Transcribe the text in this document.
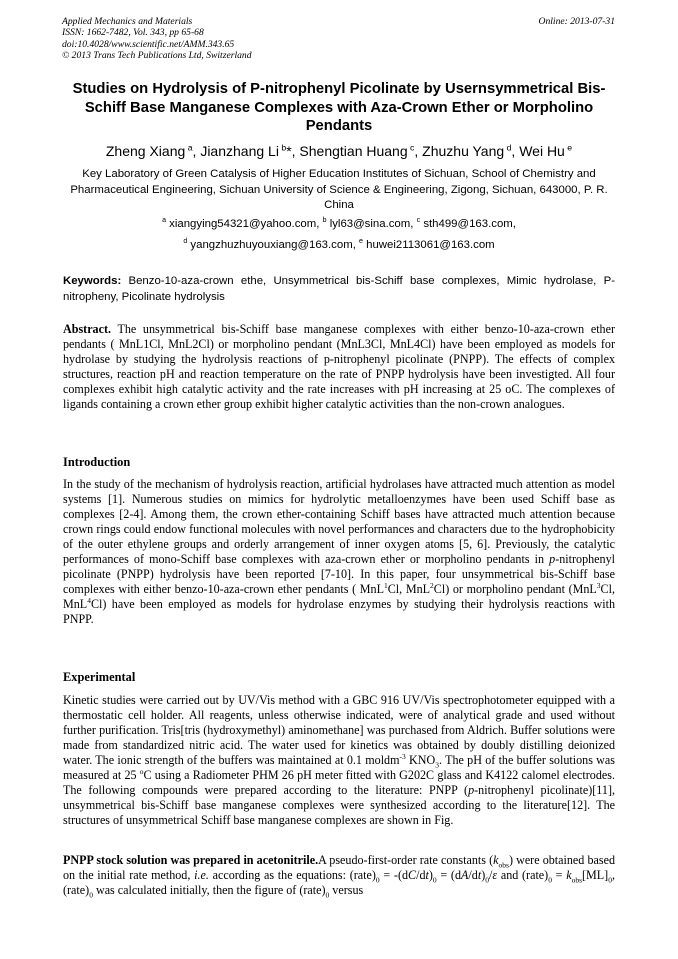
Applied Mechanics and Materials
ISSN: 1662-7482, Vol. 343, pp 65-68
doi:10.4028/www.scientific.net/AMM.343.65
© 2013 Trans Tech Publications Ltd, Switzerland
Online: 2013-07-31
Studies on Hydrolysis of P-nitrophenyl Picolinate by Usernsymmetrical Bis-Schiff Base Manganese Complexes with Aza-Crown Ether or Morpholino Pendants
Zheng Xiang $^a$, Jianzhang Li $^b$*, Shengtian Huang $^c$, Zhuzhu Yang $^d$, Wei Hu $^e$
Key Laboratory of Green Catalysis of Higher Education Institutes of Sichuan, School of Chemistry and Pharmaceutical Engineering, Sichuan University of Science & Engineering, Zigong, Sichuan, 643000, P. R. China
$^a$ xiangying54321@yahoo.com, $^b$ lyl63@sina.com, $^c$ sth499@163.com,
$^d$ yangzhuzhuyouxiang@163.com, $^e$ huwei2113061@163.com
Keywords: Benzo-10-aza-crown ethe, Unsymmetrical bis-Schiff base complexes, Mimic hydrolase, P-nitropheny, Picolinate hydrolysis
Abstract. The unsymmetrical bis-Schiff base manganese complexes with either benzo-10-aza-crown ether pendants ( MnL1Cl, MnL2Cl) or morpholino pendant (MnL3Cl, MnL4Cl) have been employed as models for hydrolase by studying the hydrolysis reactions of p-nitrophenyl picolinate (PNPP). The effects of complex structures, reaction pH and reaction temperature on the rate of PNPP hydrolysis have been investigted. All four complexes exhibit high catalytic activity and the rate increases with pH increasing at 25 oC. The complexes of ligands containing a crown ether group exhibit higher catalytic activities than the non-crown analogues.
Introduction
In the study of the mechanism of hydrolysis reaction, artificial hydrolases have attracted much attention as model systems [1]. Numerous studies on mimics for hydrolytic metalloenzymes have been used Schiff base as complexes [2-4]. Among them, the crown ether-containing Schiff bases have attracted much attention because crown rings could endow functional molecules with novel performances and characters due to the hydrophobicity of the outer ethylene groups and orderly arrangement of inner oxygen atoms [5, 6]. Previously, the catalytic performances of mono-Schiff base complexes with aza-crown ether or morpholino pendants in p-nitrophenyl picolinate (PNPP) hydrolysis have been reported [7-10]. In this paper, four unsymmetrical bis-Schiff base complexes with either benzo-10-aza-crown ether pendants ( MnL$^1$Cl, MnL$^2$Cl) or morpholino pendant (MnL$^3$Cl, MnL$^4$Cl) have been employed as models for hydrolase enzymes by studying their hydrolysis reactions with PNPP.
Experimental
Kinetic studies were carried out by UV/Vis method with a GBC 916 UV/Vis spectrophotometer equipped with a thermostatic cell holder. All reagents, unless otherwise indicated, were of analytical grade and used without further purification. Tris[tris (hydroxymethyl) aminomethane] was purchased from Aldrich. Buffer solutions were made from standardized nitric acid. The water used for kinetics was obtained by doubly distilling deionized water. The ionic strength of the buffers was maintained at 0.1 moldm$^{-3}$ $KNO_3$. The pH of the buffer solutions was measured at 25 $^o$C using a Radiometer PHM 26 pH meter fitted with G202C glass and K4122 calomel electrodes. The following compounds were prepared according to the literature: PNPP (p-nitrophenyl picolinate)[11], unsymmetrical bis-Schiff base manganese complexes were synthesized according to the literature[12]. The structures of unsymmetrical Schiff base manganese complexes are shown in Fig.
PNPP stock solution was prepared in acetonitrile.A pseudo-first-order rate constants $(k_{obs})$ were obtained based on the initial rate method, i.e. according as the equations: $(rate)_0 = -(dC/dt)_0 = (dA/dt)_0/\varepsilon$ and $(rate)_0 = k_{obs}[ML]_0$, $(rate)_0$ was calculated initially, then the figure of $(rate)_0$ versus
